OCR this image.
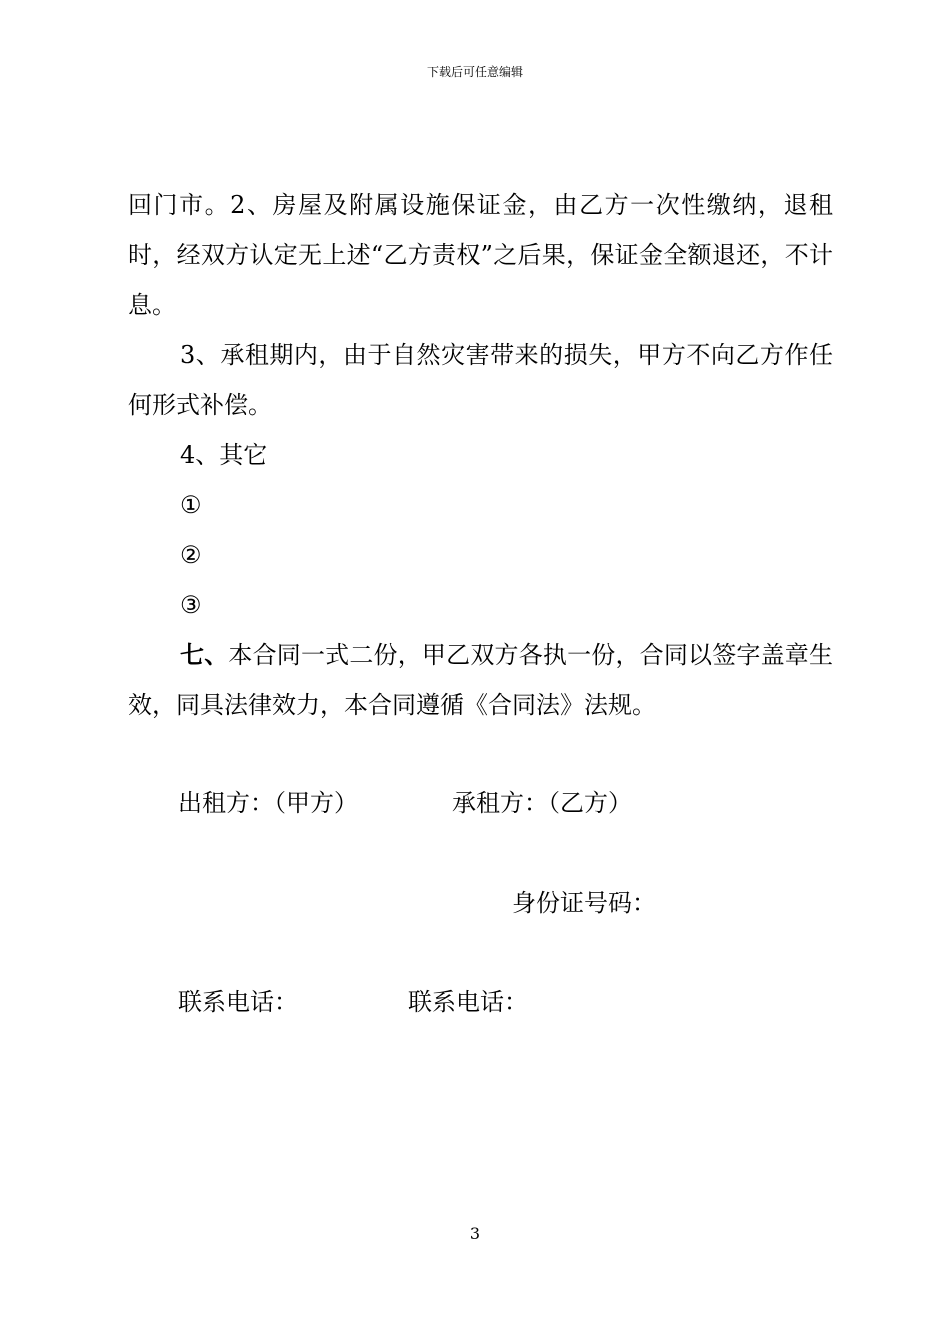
下载后可任意编辑

回门市。2、房屋及附属设施保证金，由乙方一次性缴纳，退租时，经双方认定无上述“乙方责权”之后果，保证金全额退还，不计息。

3、承租期内，由于自然灾害带来的损失，甲方不向乙方作任何形式补偿。

4、其它

①

②

③

七、本合同一式二份，甲乙双方各执一份，合同以签字盖章生效，同具法律效力，本合同遵循《合同法》法规。

出租方：（甲方）	承租方：（乙方）

身份证号码：

联系电话：	联系电话：

3
